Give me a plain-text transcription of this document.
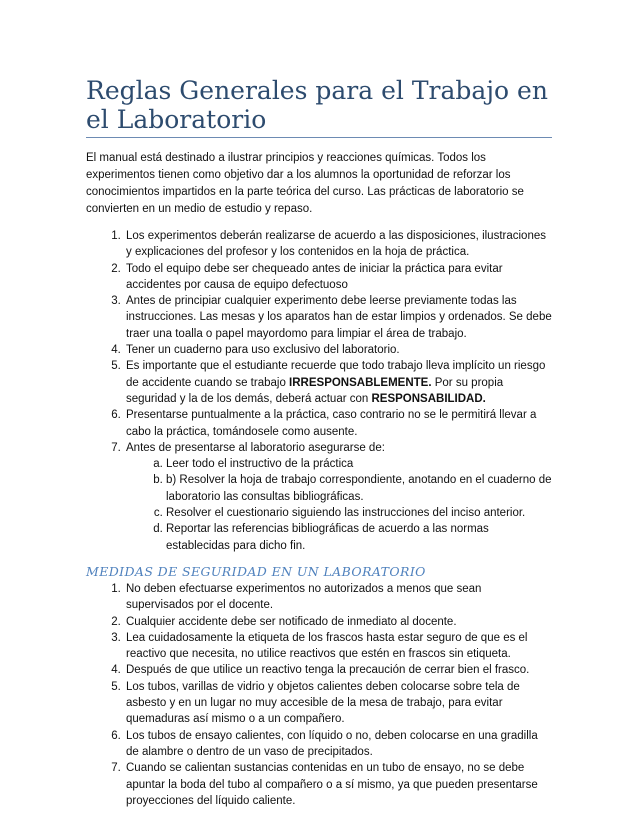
Reglas Generales para el Trabajo en el Laboratorio

El manual está destinado a ilustrar principios y reacciones químicas. Todos los experimentos tienen como objetivo dar a los alumnos la oportunidad de reforzar los conocimientos impartidos en la parte teórica del curso. Las prácticas de laboratorio se convierten en un medio de estudio y repaso.

1. Los experimentos deberán realizarse de acuerdo a las disposiciones, ilustraciones y explicaciones del profesor y los contenidos en la hoja de práctica.
2. Todo el equipo debe ser chequeado antes de iniciar la práctica para evitar accidentes por causa de equipo defectuoso
3. Antes de principiar cualquier experimento debe leerse previamente todas las instrucciones. Las mesas y los aparatos han de estar limpios y ordenados. Se debe traer una toalla o papel mayordomo para limpiar el área de trabajo.
4. Tener un cuaderno para uso exclusivo del laboratorio.
5. Es importante que el estudiante recuerde que todo trabajo lleva implícito un riesgo de accidente cuando se trabajo IRRESPONSABLEMENTE. Por su propia seguridad y la de los demás, deberá actuar con RESPONSABILIDAD.
6. Presentarse puntualmente a la práctica, caso contrario no se le permitirá llevar a cabo la práctica, tomándosele como ausente.
7. Antes de presentarse al laboratorio asegurarse de:
a. Leer todo el instructivo de la práctica
b. b) Resolver la hoja de trabajo correspondiente, anotando en el cuaderno de laboratorio las consultas bibliográficas.
c. Resolver el cuestionario siguiendo las instrucciones del inciso anterior.
d. Reportar las referencias bibliográficas de acuerdo a las normas establecidas para dicho fin.
MEDIDAS DE SEGURIDAD EN UN LABORATORIO
1. No deben efectuarse experimentos no autorizados a menos que sean supervisados por el docente.
2. Cualquier accidente debe ser notificado de inmediato al docente.
3. Lea cuidadosamente la etiqueta de los frascos hasta estar seguro de que es el reactivo que necesita, no utilice reactivos que estén en frascos sin etiqueta.
4. Después de que utilice un reactivo tenga la precaución de cerrar bien el frasco.
5. Los tubos, varillas de vidrio y objetos calientes deben colocarse sobre tela de asbesto y en un lugar no muy accesible de la mesa de trabajo, para evitar quemaduras así mismo o a un compañero.
6. Los tubos de ensayo calientes, con líquido o no, deben colocarse en una gradilla de alambre o dentro de un vaso de precipitados.
7. Cuando se calientan sustancias contenidas en un tubo de ensayo, no se debe apuntar la boda del tubo al compañero o a sí mismo, ya que pueden presentarse proyecciones del líquido caliente.
